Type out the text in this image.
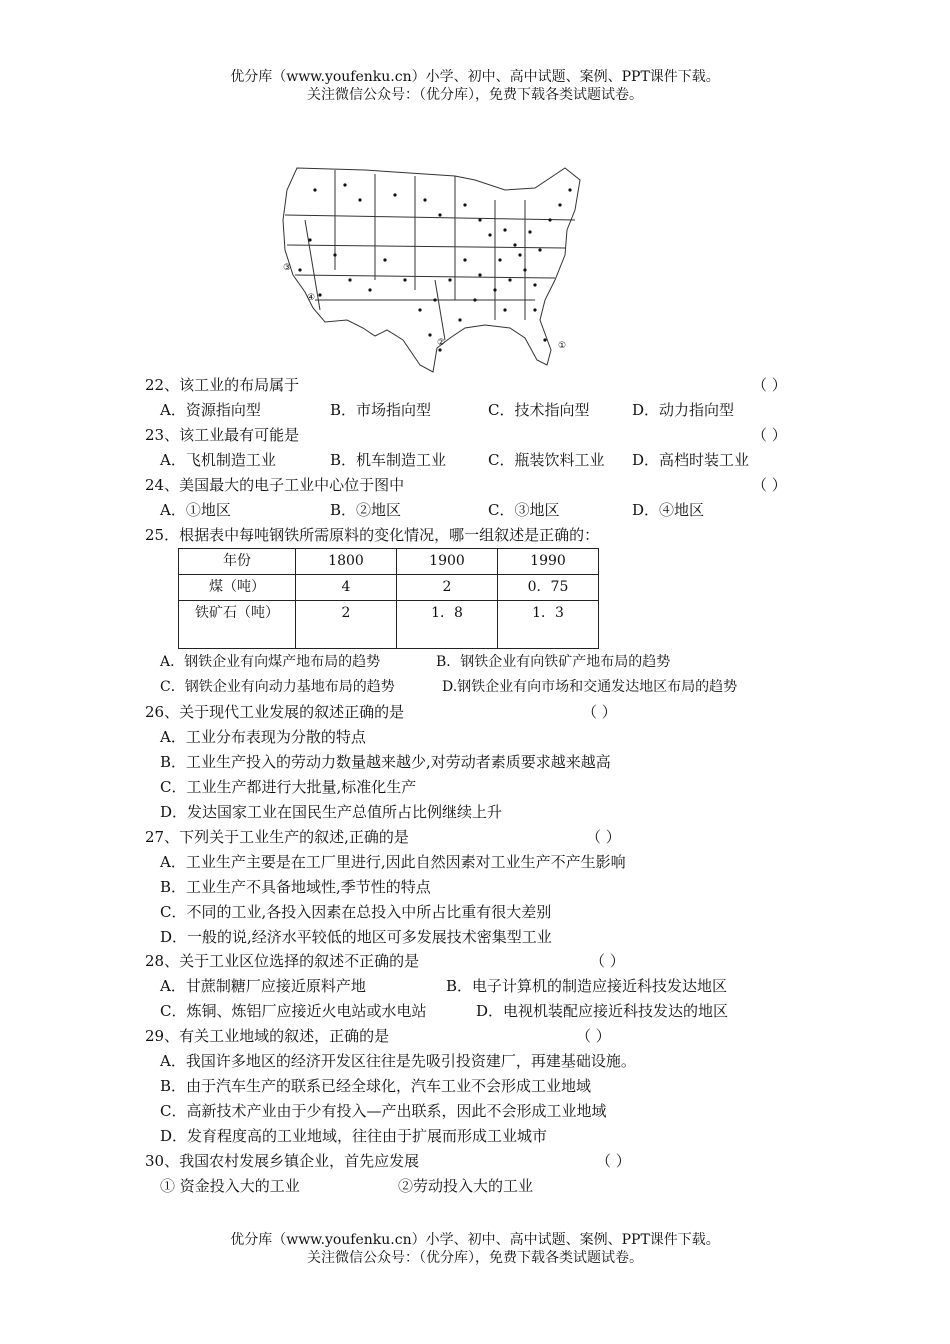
优分库（www.youfenku.cn）小学、初中、高中试题、案例、PPT课件下载。
关注微信公众号：（优分库），免费下载各类试题试卷。
①
②
③
④
22、该工业的布局属于	（ ）
A．资源指向型	B．市场指向型	C．技术指向型	D．动力指向型
23、该工业最有可能是	（ ）
A．飞机制造工业	B．机车制造工业	C．瓶装饮料工业 D．高档时装工业
24、美国最大的电子工业中心位于图中	（ ）
A．①地区	B．②地区	C．③地区	D．④地区
25．根据表中每吨钢铁所需原料的变化情况，哪一组叙述是正确的：
年份	1800	1900	1990
煤（吨）	4	2	0．75
铁矿石（吨）	2	1．8	1．3
A．钢铁企业有向煤产地布局的趋势	B．钢铁企业有向铁矿产地布局的趋势
C．钢铁企业有向动力基地布局的趋势	D.钢铁企业有向市场和交通发达地区布局的趋势
26、关于现代工业发展的叙述正确的是	（ ）
A．工业分布表现为分散的特点
B．工业生产投入的劳动力数量越来越少,对劳动者素质要求越来越高
C．工业生产都进行大批量,标准化生产
D．发达国家工业在国民生产总值所占比例继续上升
27、下列关于工业生产的叙述,正确的是	（ ）
A．工业生产主要是在工厂里进行,因此自然因素对工业生产不产生影响
B．工业生产不具备地域性,季节性的特点
C．不同的工业,各投入因素在总投入中所占比重有很大差别
D．一般的说,经济水平较低的地区可多发展技术密集型工业
28、关于工业区位选择的叙述不正确的是	（ ）
A．甘蔗制糖厂应接近原料产地	B．电子计算机的制造应接近科技发达地区
C．炼铜、炼铝厂应接近火电站或水电站	D．电视机装配应接近科技发达的地区
29、有关工业地域的叙述，正确的是	（ ）
A．我国许多地区的经济开发区往往是先吸引投资建厂，再建基础设施。
B．由于汽车生产的联系已经全球化，汽车工业不会形成工业地域
C．高新技术产业由于少有投入—产出联系，因此不会形成工业地域
D．发育程度高的工业地域，往往由于扩展而形成工业城市
30、我国农村发展乡镇企业，首先应发展	（ ）
① 资金投入大的工业	②劳动投入大的工业
优分库（www.youfenku.cn）小学、初中、高中试题、案例、PPT课件下载。
关注微信公众号：（优分库），免费下载各类试题试卷。
